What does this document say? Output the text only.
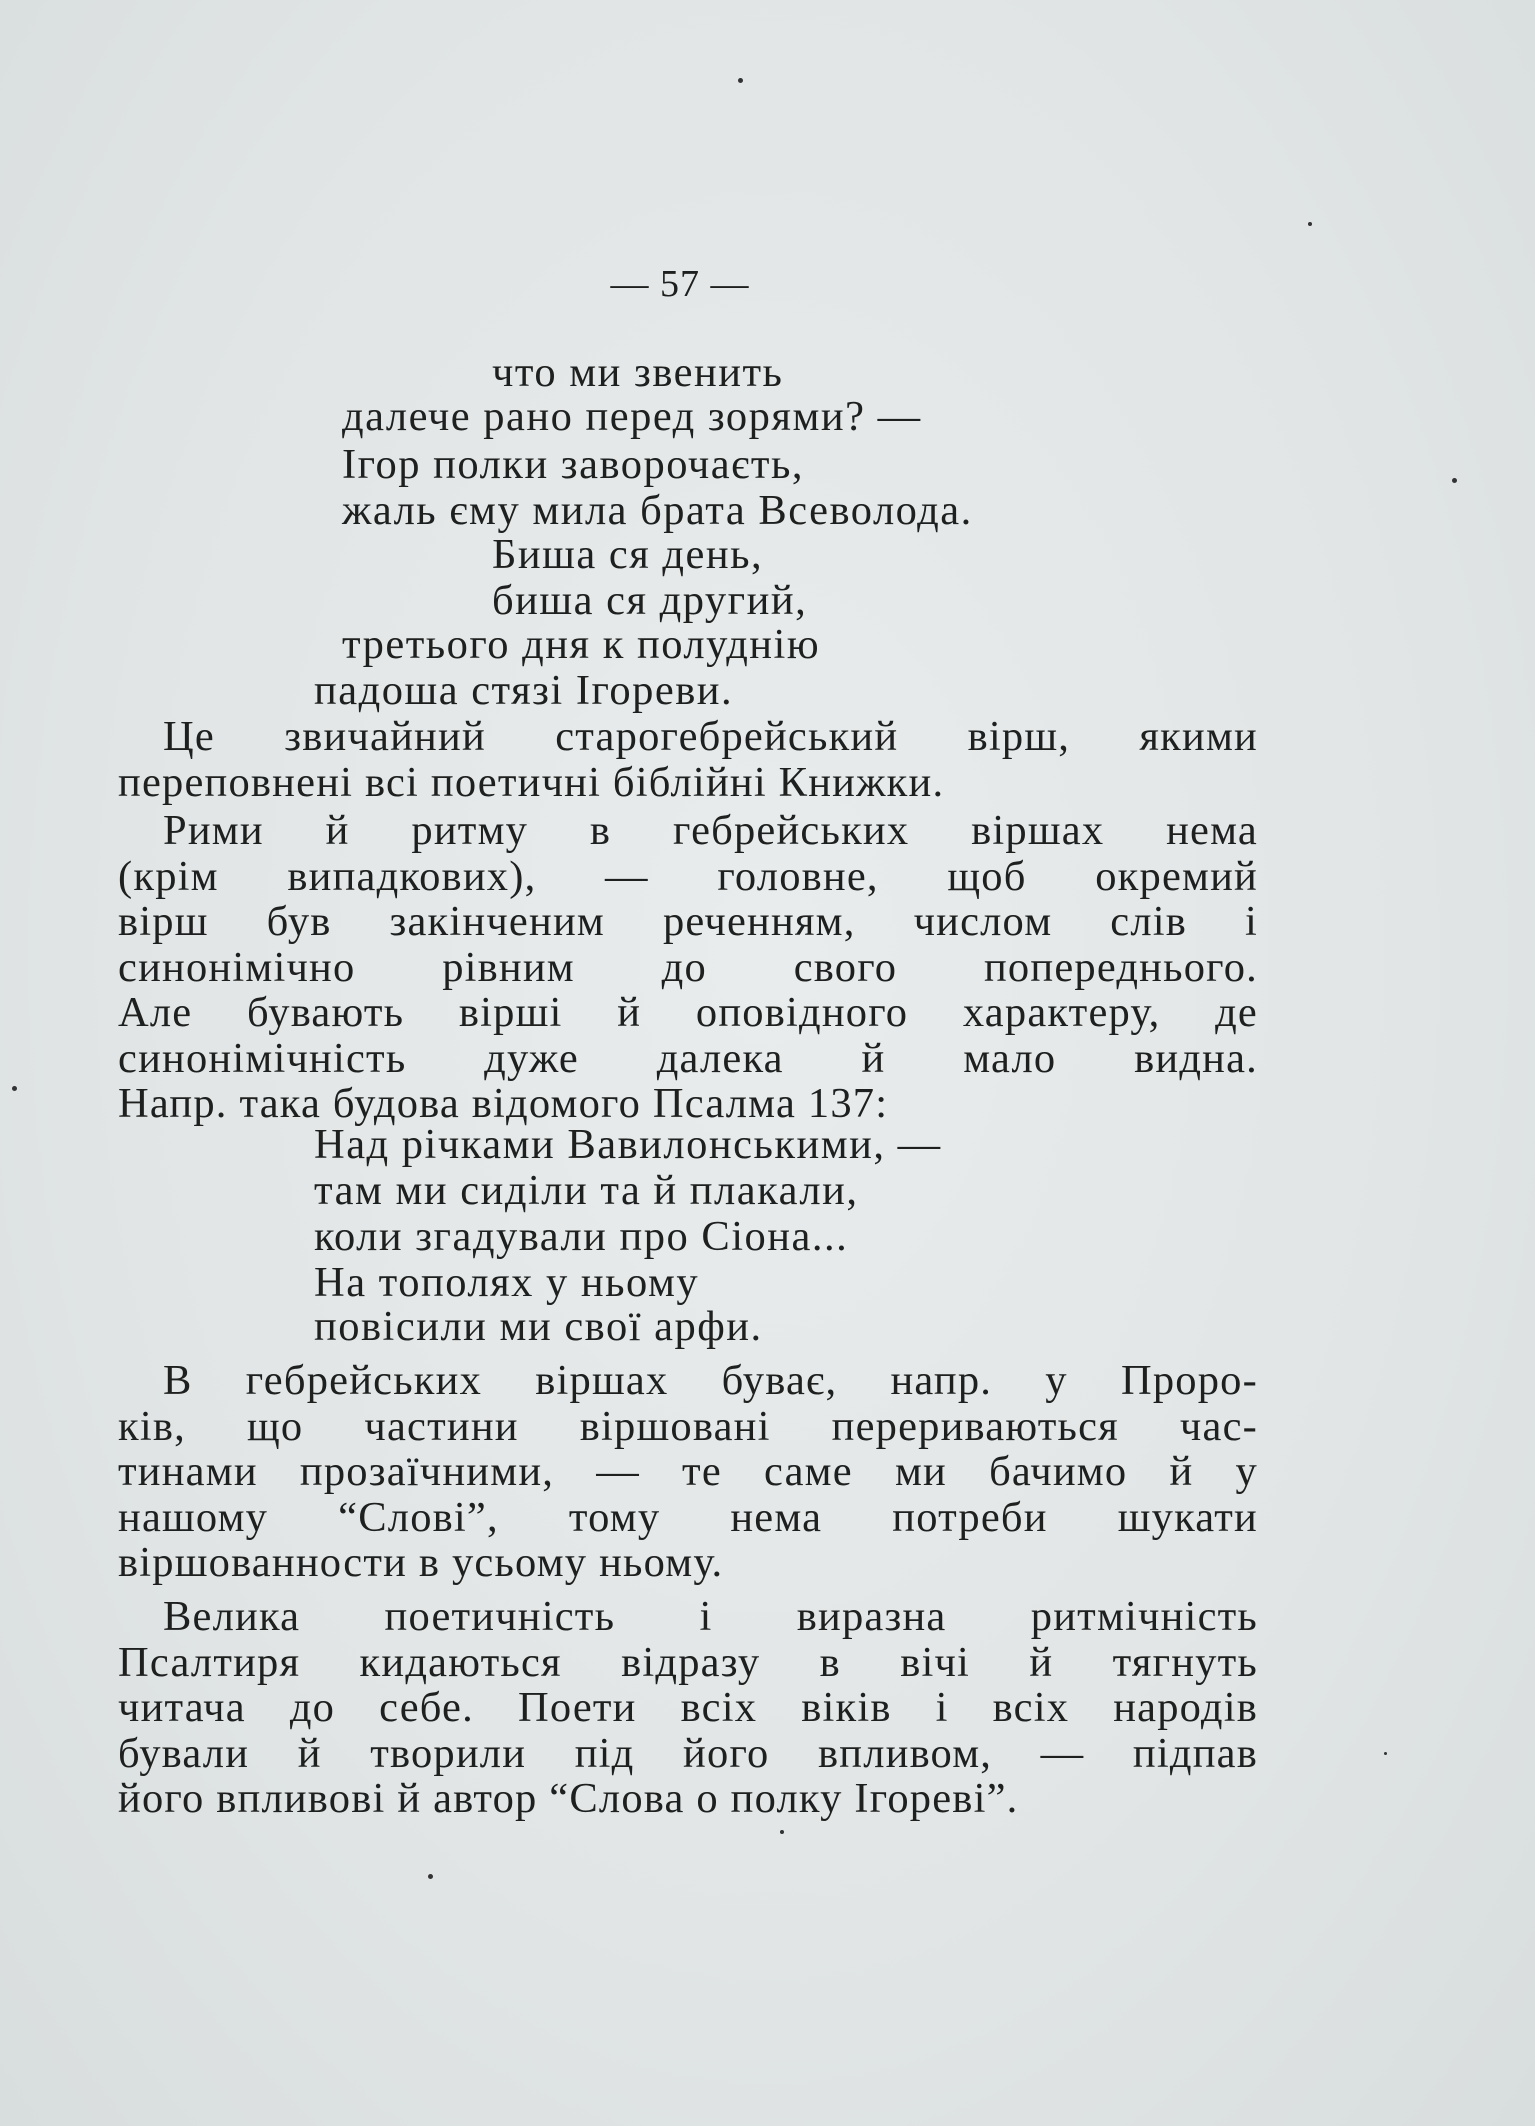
— 57 —
что ми звенить
далече рано перед зорями? —
Ігор полки заворочаєть,
жаль єму мила брата Всеволода.
Биша ся день,
биша ся другий,
третього дня к полуднію
падоша стязі Ігореви.
Це звичайний старогебрейський вірш, якими
переповнені всі поетичні біблійні Книжки.
Рими й ритму в гебрейських віршах нема
(крім випадкових), — головне, щоб окремий
вірш був закінченим реченням, числом слів і
синонімічно рівним до свого попереднього.
Але бувають вірші й оповідного характеру, де
синонімічність дуже далека й мало видна.
Напр. така будова відомого Псалма 137:
Над річками Вавилонськими, —
там ми сиділи та й плакали,
коли згадували про Сіона...
На тополях у ньому
повісили ми свої арфи.
В гебрейських віршах буває, напр. у Проро-
ків, що частини віршовані перериваються час-
тинами прозаїчними, — те саме ми бачимо й у
нашому “Слові”, тому нема потреби шукати
віршованности в усьому ньому.
Велика поетичність і виразна ритмічність
Псалтиря кидаються відразу в вічі й тягнуть
читача до себе. Поети всіх віків і всіх народів
бували й творили під його впливом, — підпав
його впливові й автор “Слова о полку Ігореві”.
